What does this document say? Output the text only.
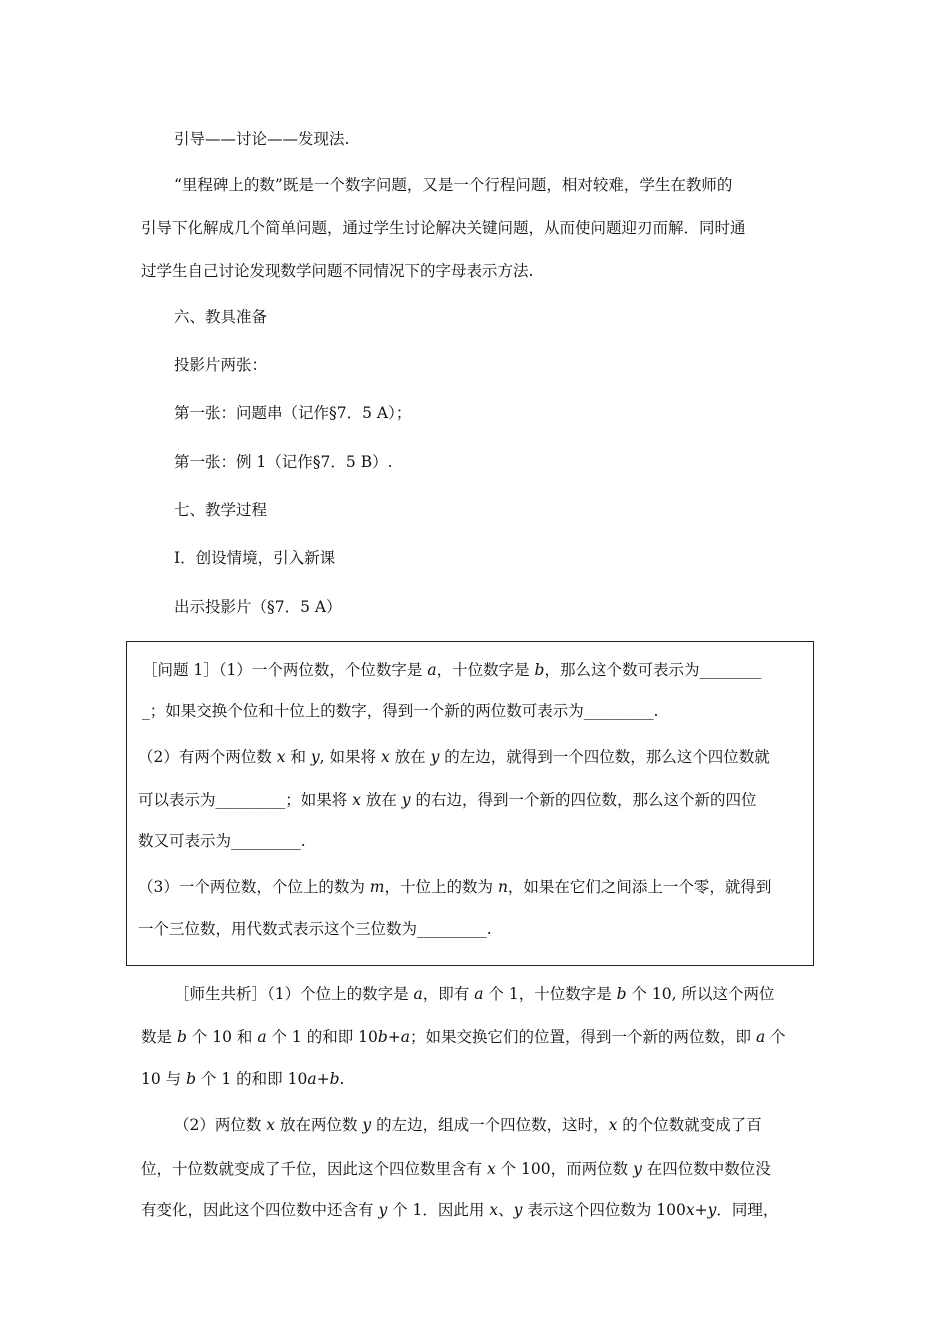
引导——讨论——发现法.
“里程碑上的数”既是一个数字问题，又是一个行程问题，相对较难，学生在教师的
引导下化解成几个简单问题，通过学生讨论解决关键问题，从而使问题迎刃而解．同时通
过学生自己讨论发现数学问题不同情况下的字母表示方法.
六、教具准备
投影片两张：
第一张：问题串（记作§7．5 A）；
第一张：例 1（记作§7．5 B）.
七、教学过程
Ⅰ．创设情境，引入新课
出示投影片（§7．5 A）
［问题 1］（1）一个两位数，个位数字是 a，十位数字是 b，那么这个数可表示为________
_；如果交换个位和十位上的数字，得到一个新的两位数可表示为_________.
（2）有两个两位数 x 和 y, 如果将 x 放在 y 的左边，就得到一个四位数，那么这个四位数就
可以表示为_________；如果将 x 放在 y 的右边，得到一个新的四位数，那么这个新的四位
数又可表示为_________.
（3）一个两位数，个位上的数为 m，十位上的数为 n，如果在它们之间添上一个零，就得到
一个三位数，用代数式表示这个三位数为_________.
［师生共析］（1）个位上的数字是 a，即有 a 个 1，十位数字是 b 个 10, 所以这个两位
数是 b 个 10 和 a 个 1 的和即 10b+a；如果交换它们的位置，得到一个新的两位数，即 a 个
10 与 b 个 1 的和即 10a+b.
（2）两位数 x 放在两位数 y 的左边，组成一个四位数，这时，x 的个位数就变成了百
位，十位数就变成了千位，因此这个四位数里含有 x 个 100，而两位数 y 在四位数中数位没
有变化，因此这个四位数中还含有 y 个 1．因此用 x、y 表示这个四位数为 100x+y．同理，
